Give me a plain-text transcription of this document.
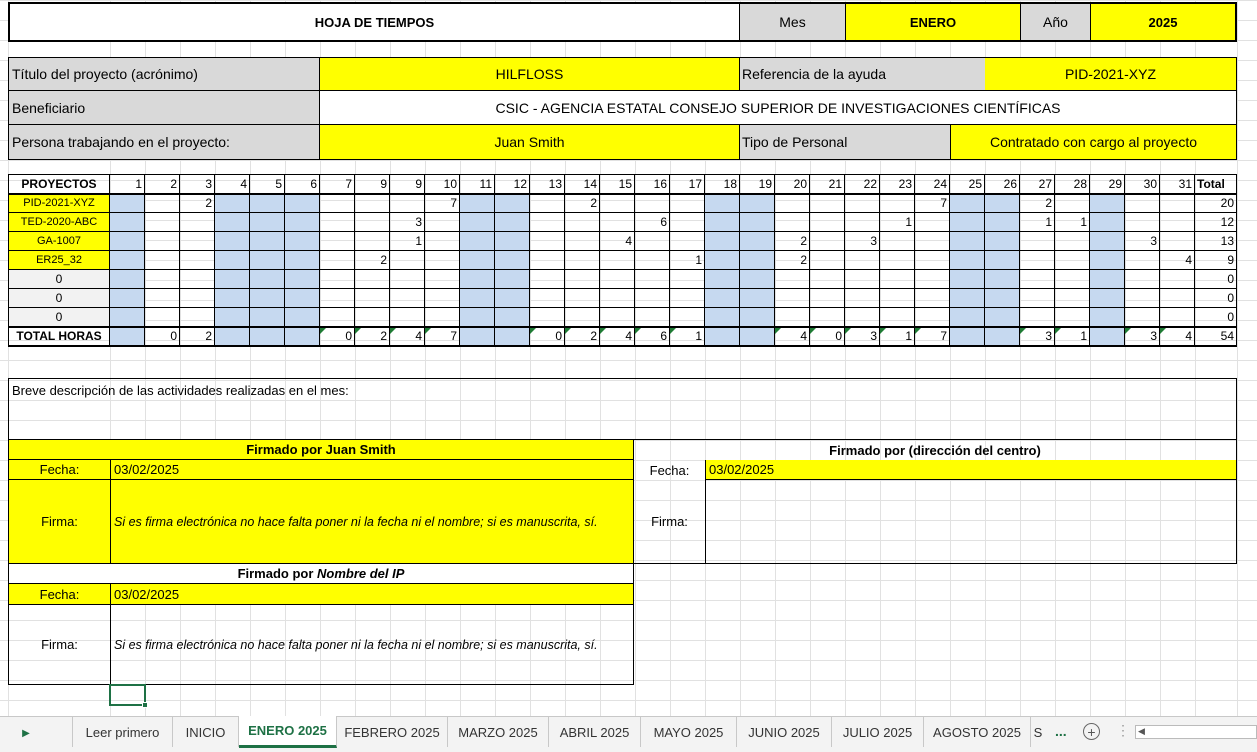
HOJA DE TIEMPOS	Mes	ENERO	Año	2025
Título del proyecto (acrónimo)	HILFLOSS	Referencia de la ayuda	PID-2021-XYZ
Beneficiario	CSIC - AGENCIA ESTATAL CONSEJO SUPERIOR DE INVESTIGACIONES CIENTÍFICAS
Persona trabajando en el proyecto:	Juan Smith	Tipo de Personal	Contratado con cargo al proyecto
PROYECTOS	1	2	3	4	5	6	7	9	9	10	11	12	13	14	15	16	17	18	19	20	21	22	23	24	25	26	27	28	29	30	31	Total
PID-2021-XYZ			2							7				2										7			2					20
TED-2020-ABC									3							6							1				1	1				12
GA-1007									1						4					2		3								3		13
ER25_32								2									1			2											4	9
0																																0
0																																0
0																																0
TOTAL HORAS		0	2				0	2	4	7			0	2	4	6	1			4	0	3	1	7			3	1		3	4	54
Breve descripción de las actividades realizadas en el mes:
Firmado por Juan Smith
Fecha:	03/02/2025
Firma:	Si es firma electrónica no hace falta poner ni la fecha ni el nombre; si es manuscrita, sí.
Firmado por (dirección del centro)
Fecha:	03/02/2025
Firma:
Firmado por Nombre del IP
Fecha:	03/02/2025
Firma:	Si es firma electrónica no hace falta poner ni la fecha ni el nombre; si es manuscrita, sí.
▶	Leer primero	INICIO	ENERO 2025	FEBRERO 2025	MARZO 2025	ABRIL 2025	MAYO 2025	JUNIO 2025	JULIO 2025	AGOSTO 2025 S ...	+	⋮ ◀
